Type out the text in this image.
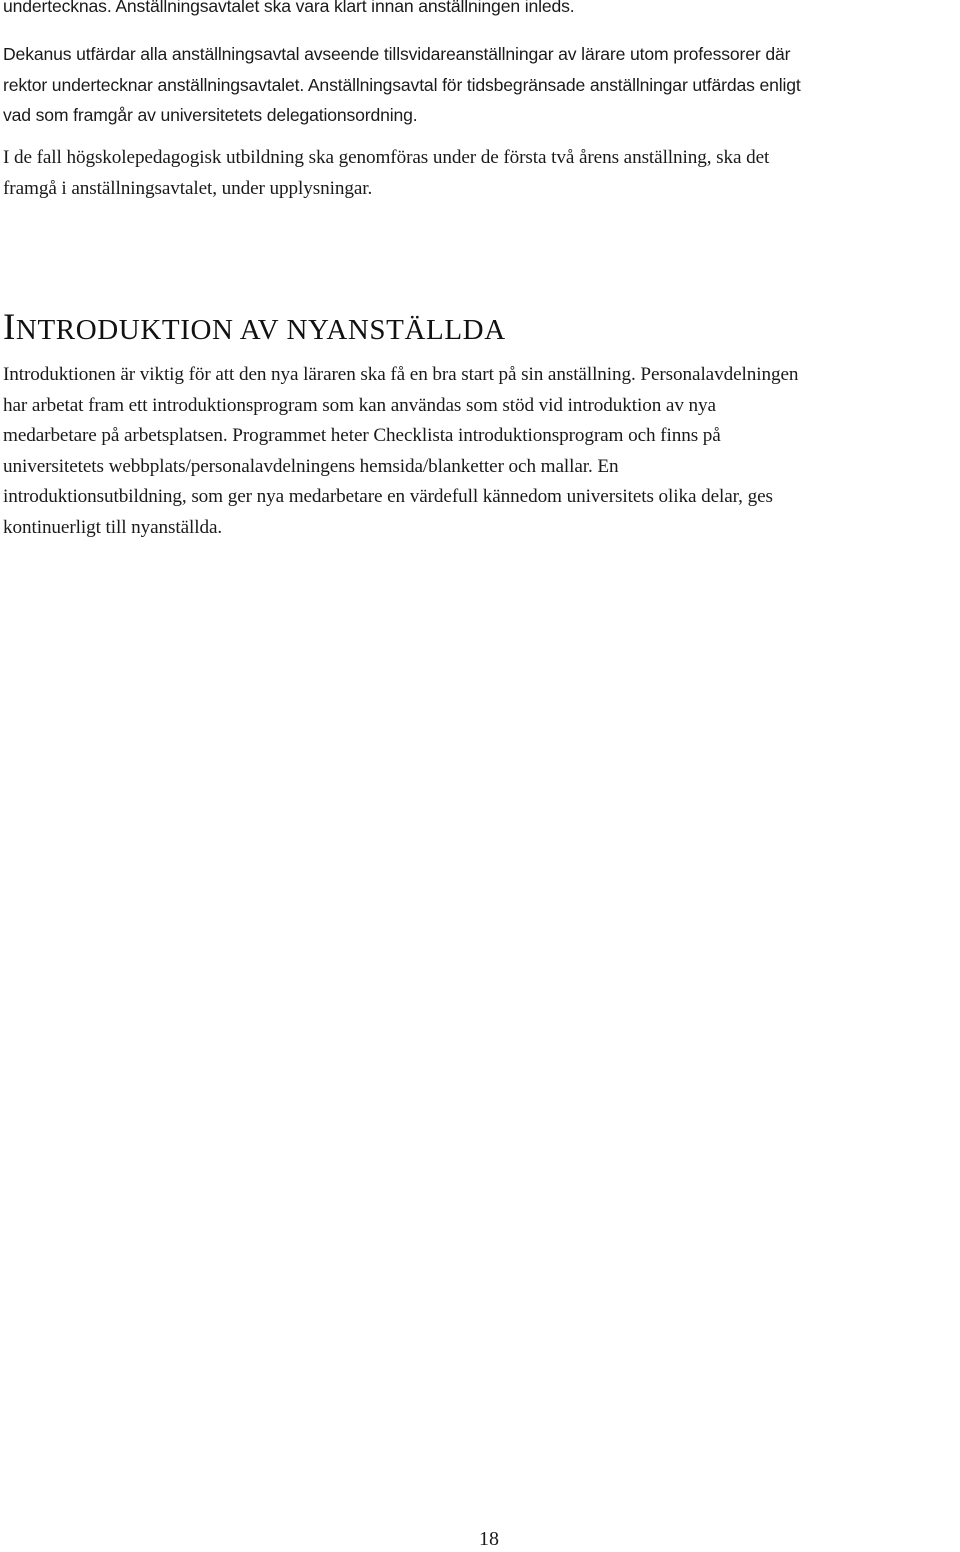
undertecknas. Anställningsavtalet ska vara klart innan anställningen inleds.

Dekanus utfärdar alla anställningsavtal avseende tillsvidareanställningar av lärare utom professorer där
rektor undertecknar anställningsavtalet. Anställningsavtal för tidsbegränsade anställningar utfärdas enligt
vad som framgår av universitetets delegationsordning.

I de fall högskolepedagogisk utbildning ska genomföras under de första två årens anställning, ska det
framgå i anställningsavtalet, under upplysningar.

INTRODUKTION AV NYANSTÄLLDA

Introduktionen är viktig för att den nya läraren ska få en bra start på sin anställning. Personalavdelningen
har arbetat fram ett introduktionsprogram som kan användas som stöd vid introduktion av nya
medarbetare på arbetsplatsen. Programmet heter Checklista introduktionsprogram och finns på
universitetets webbplats/personalavdelningens hemsida/blanketter och mallar. En
introduktionsutbildning, som ger nya medarbetare en värdefull kännedom universitets olika delar, ges
kontinuerligt till nyanställda.

18
